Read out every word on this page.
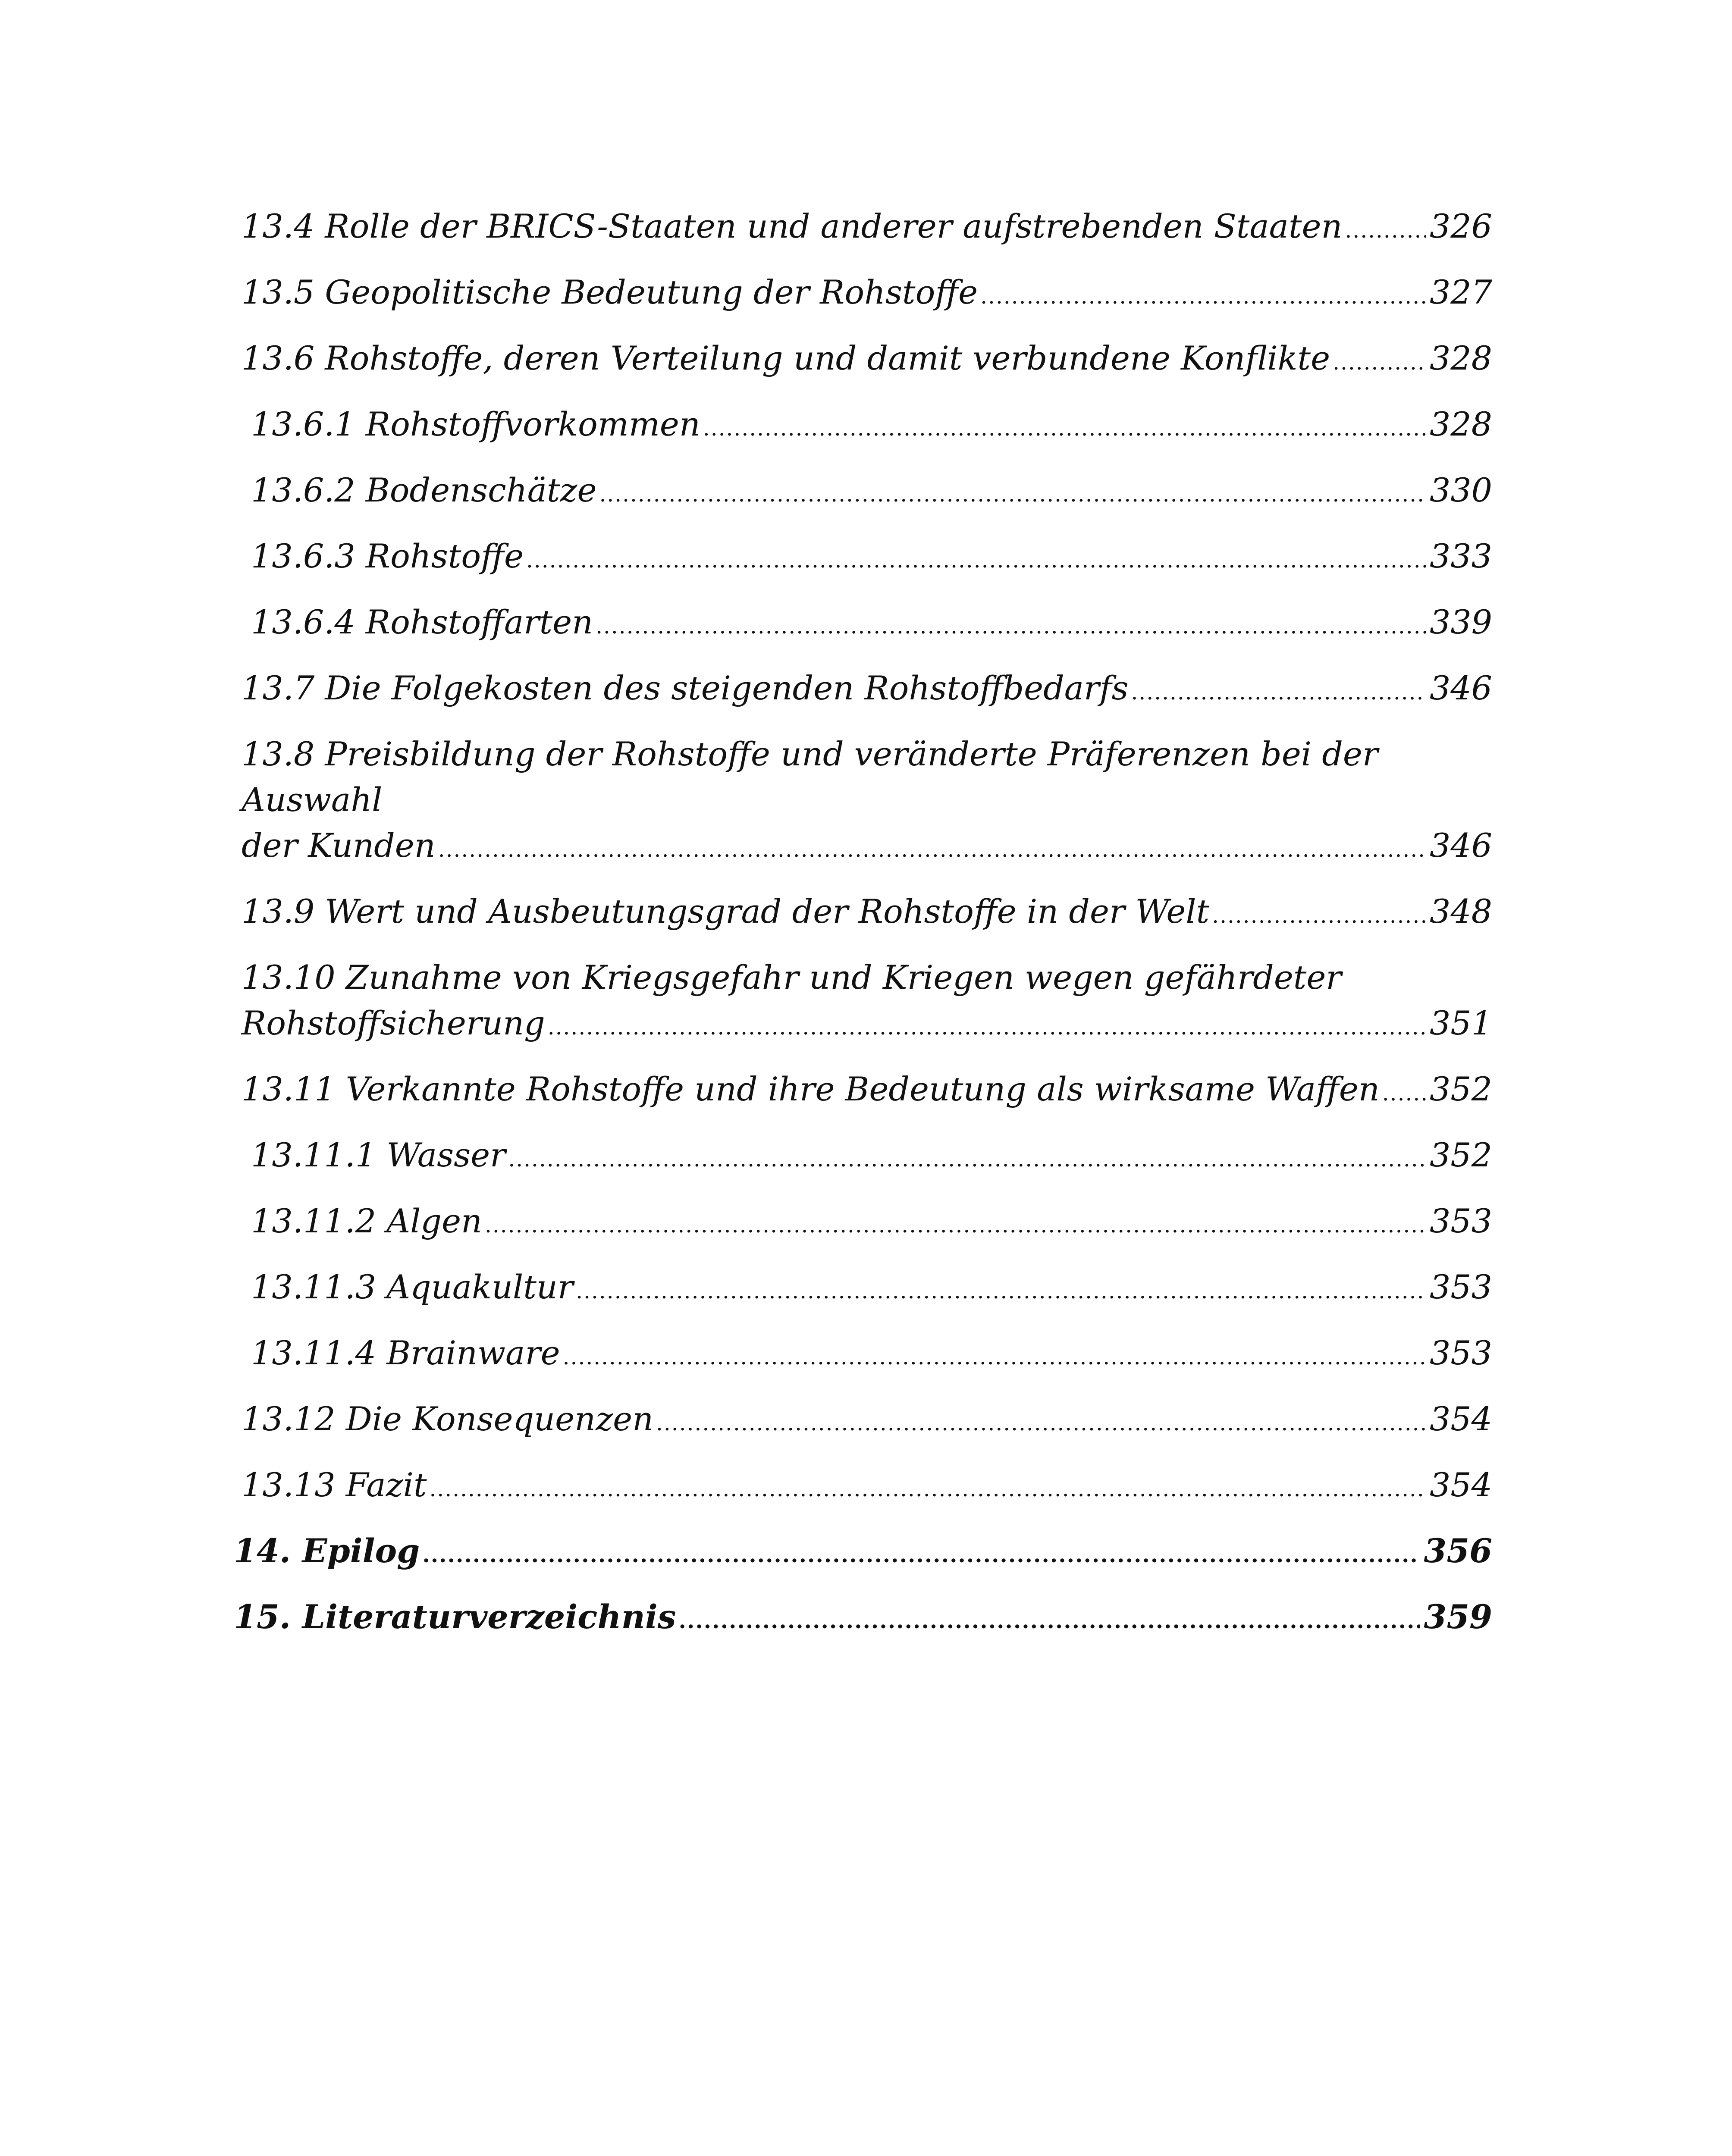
13.4 Rolle der BRICS-Staaten und anderer aufstrebenden Staaten .....	326
13.5 Geopolitische Bedeutung der Rohstoffe .....	327
13.6 Rohstoffe, deren Verteilung und damit verbundene Konflikte .....	328
13.6.1 Rohstoffvorkommen .....	328
13.6.2 Bodenschätze .....	330
13.6.3 Rohstoffe .....	333
13.6.4 Rohstoffarten .....	339
13.7 Die Folgekosten des steigenden Rohstoffbedarfs .....	346
13.8 Preisbildung der Rohstoffe und veränderte Präferenzen bei der Auswahl
der Kunden .....	346
13.9 Wert und Ausbeutungsgrad der Rohstoffe in der Welt .....	348
13.10 Zunahme von Kriegsgefahr und Kriegen wegen gefährdeter
Rohstoffsicherung .....	351
13.11 Verkannte Rohstoffe und ihre Bedeutung als wirksame Waffen ..... 352
13.11.1 Wasser .....	352
13.11.2 Algen .....	353
13.11.3 Aquakultur .....	353
13.11.4 Brainware .....	353
13.12 Die Konsequenzen .....	354
13.13 Fazit .....	354
14. Epilog .....	356
15. Literaturverzeichnis .....	359
